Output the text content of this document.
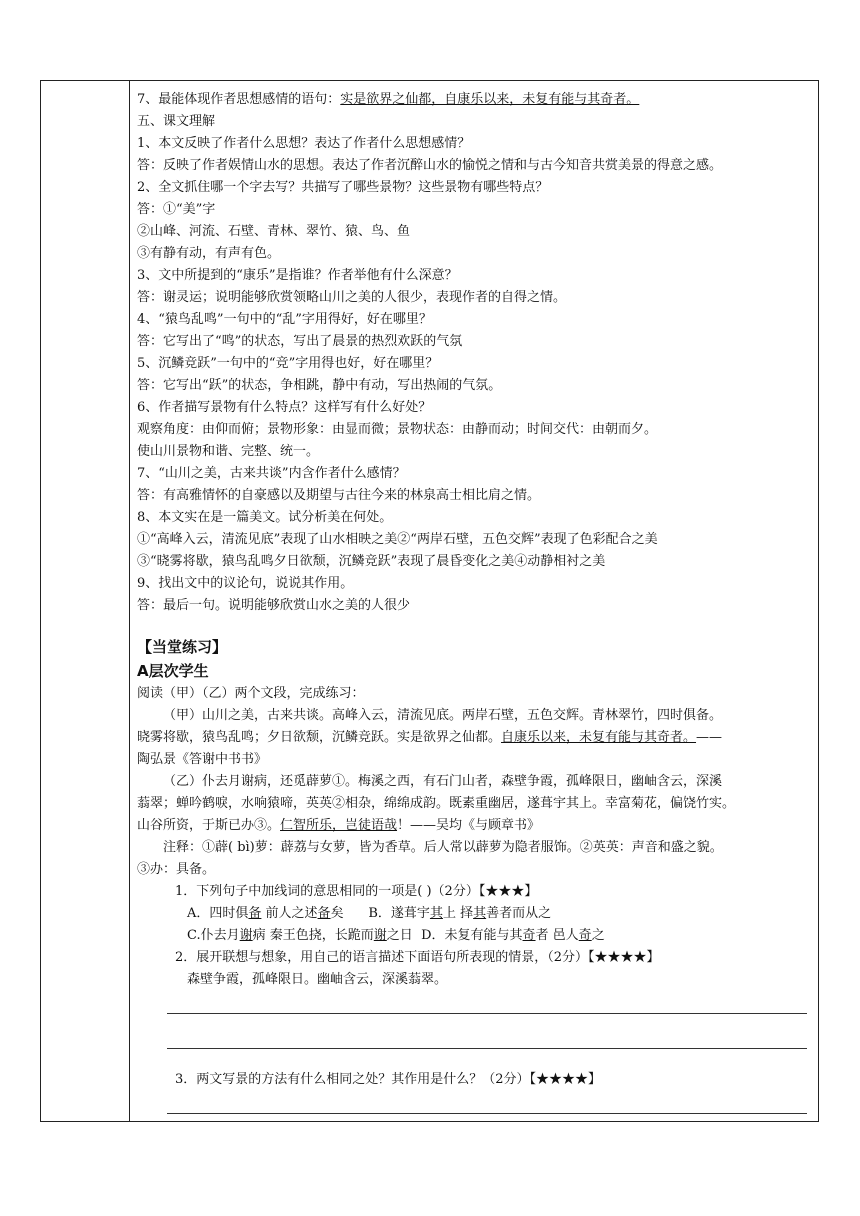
7、最能体现作者思想感情的语句：实是欲界之仙都，自康乐以来，未复有能与其奇者。
五、课文理解
1、本文反映了作者什么思想？表达了作者什么思想感情？
答：反映了作者娱情山水的思想。表达了作者沉醉山水的愉悦之情和与古今知音共赏美景的得意之感。
2、全文抓住哪一个字去写？共描写了哪些景物？这些景物有哪些特点？
答：①“美”字
②山峰、河流、石壁、青林、翠竹、猿、鸟、鱼
③有静有动，有声有色。
3、文中所提到的“康乐”是指谁？作者举他有什么深意？
答：谢灵运；说明能够欣赏领略山川之美的人很少，表现作者的自得之情。
4、“猿鸟乱鸣”一句中的“乱”字用得好，好在哪里？
答：它写出了“鸣”的状态，写出了晨景的热烈欢跃的气氛
5、沉鳞竞跃”一句中的“竞”字用得也好，好在哪里？
答：它写出“跃”的状态，争相跳，静中有动，写出热闹的气氛。
6、作者描写景物有什么特点？这样写有什么好处？
观察角度：由仰而俯；景物形象：由显而微；景物状态：由静而动；时间交代：由朝而夕。
使山川景物和谐、完整、统一。
7、“山川之美，古来共谈”内含作者什么感情？
答：有高雅情怀的自豪感以及期望与古往今来的林泉高士相比肩之情。
8、本文实在是一篇美文。试分析美在何处。
①“高峰入云，清流见底”表现了山水相映之美②“两岸石壁，五色交辉”表现了色彩配合之美
③“晓雾将歇，猿鸟乱鸣夕日欲颓，沉鳞竞跃”表现了晨昏变化之美④动静相衬之美
9、找出文中的议论句，说说其作用。
答：最后一句。说明能够欣赏山水之美的人很少
【当堂练习】
A层次学生
阅读（甲）（乙）两个文段，完成练习：
（甲）山川之美，古来共谈。高峰入云，清流见底。两岸石壁，五色交辉。青林翠竹，四时俱备。
晓雾将歇，猿鸟乱鸣；夕日欲颓，沉鳞竞跃。实是欲界之仙都。自康乐以来，未复有能与其奇者。——
陶弘景《答谢中书书》
（乙）仆去月谢病，还觅薜萝①。梅溪之西，有石门山者，森壁争霞，孤峰限日，幽岫含云，深溪
蓊翠；蝉吟鹤唳，水响猿啼，英英②相杂，绵绵成韵。既素重幽居，遂葺宇其上。幸富菊花，偏饶竹实。
山谷所资，于斯已办③。仁智所乐，岂徒语哉！——吴均《与顾章书》
注释：①薜( bì)萝：薜荔与女萝，皆为香草。后人常以薜萝为隐者服饰。②英英：声音和盛之貌。
③办：具备。
1．下列句子中加线词的意思相同的一项是( )（2分）【★★★】
A．四时俱备 前人之述备矣 B．遂葺宇其上 择其善者而从之
C.仆去月谢病 秦王色挠，长跪而谢之日 D．未复有能与其奇者 邑人奇之
2．展开联想与想象，用自己的语言描述下面语句所表现的情景，（2分）【★★★★】
森壁争霞，孤峰限日。幽岫含云，深溪蓊翠。
3．两文写景的方法有什么相同之处？其作用是什么？（2分）【★★★★】
